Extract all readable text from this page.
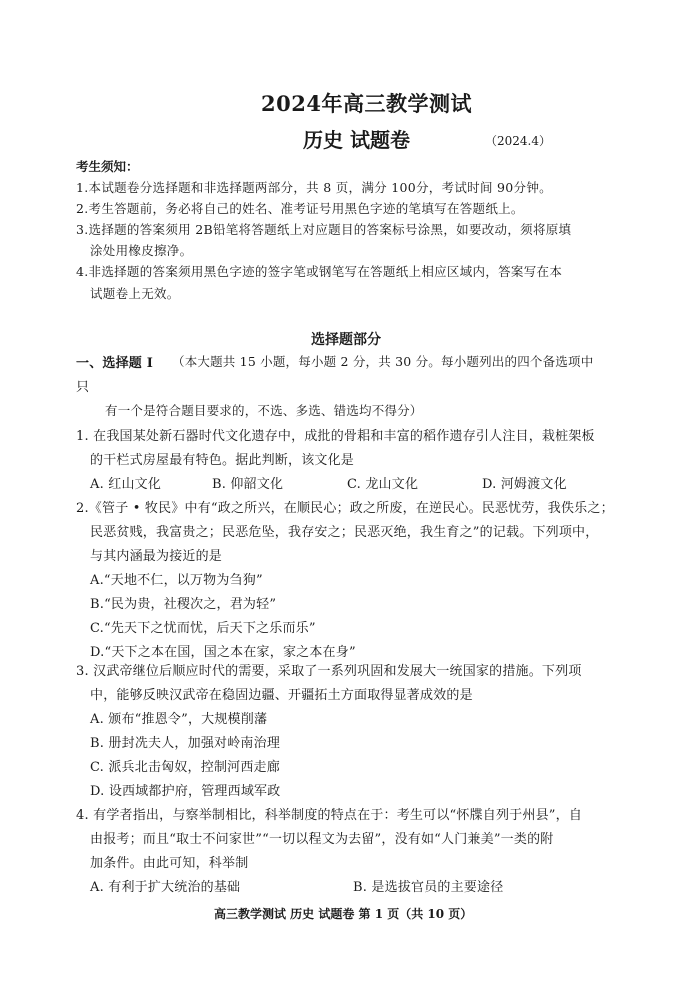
2024年高三教学测试
历史 试题卷	（2024.4）
考生须知：
1.本试题卷分选择题和非选择题两部分，共 8 页，满分 100分，考试时间 90分钟。
2.考生答题前，务必将自己的姓名、准考证号用黑色字迹的笔填写在答题纸上。
3.选择题的答案须用 2B铅笔将答题纸上对应题目的答案标号涂黑，如要改动，须将原填
涂处用橡皮擦净。
4.非选择题的答案须用黑色字迹的签字笔或钢笔写在答题纸上相应区域内，答案写在本
试题卷上无效。
选择题部分
一、选择题 Ⅰ （本大题共 15 小题，每小题 2 分，共 30 分。每小题列出的四个备选项中
只
有一个是符合题目要求的，不选、多选、错选均不得分）
1. 在我国某处新石器时代文化遗存中，成批的骨耜和丰富的稻作遗存引人注目，栽桩架板
的干栏式房屋最有特色。据此判断，该文化是
A. 红山文化	B. 仰韶文化	C. 龙山文化	D. 河姆渡文化
2.《管子 • 牧民》中有“政之所兴，在顺民心；政之所废，在逆民心。民恶忧劳，我佚乐之；
民恶贫贱，我富贵之；民恶危坠，我存安之；民恶灭绝，我生育之”的记载。下列项中，
与其内涵最为接近的是
A.“天地不仁，以万物为刍狗”
B.“民为贵，社稷次之，君为轻”
C.“先天下之忧而忧，后天下之乐而乐”
D.“天下之本在国，国之本在家，家之本在身”
3. 汉武帝继位后顺应时代的需要，采取了一系列巩固和发展大一统国家的措施。下列项
中，能够反映汉武帝在稳固边疆、开疆拓土方面取得显著成效的是
A. 颁布“推恩令”，大规模削藩
B. 册封冼夫人，加强对岭南治理
C. 派兵北击匈奴，控制河西走廊
D. 设西域都护府，管理西域军政
4. 有学者指出，与察举制相比，科举制度的特点在于：考生可以“怀牒自列于州县”，自
由报考；而且“取士不问家世”“一切以程文为去留”，没有如“人门兼美”一类的附
加条件。由此可知，科举制
A. 有利于扩大统治的基础	B. 是选拔官员的主要途径
高三教学测试 历史 试题卷 第 1 页（共 10 页）
